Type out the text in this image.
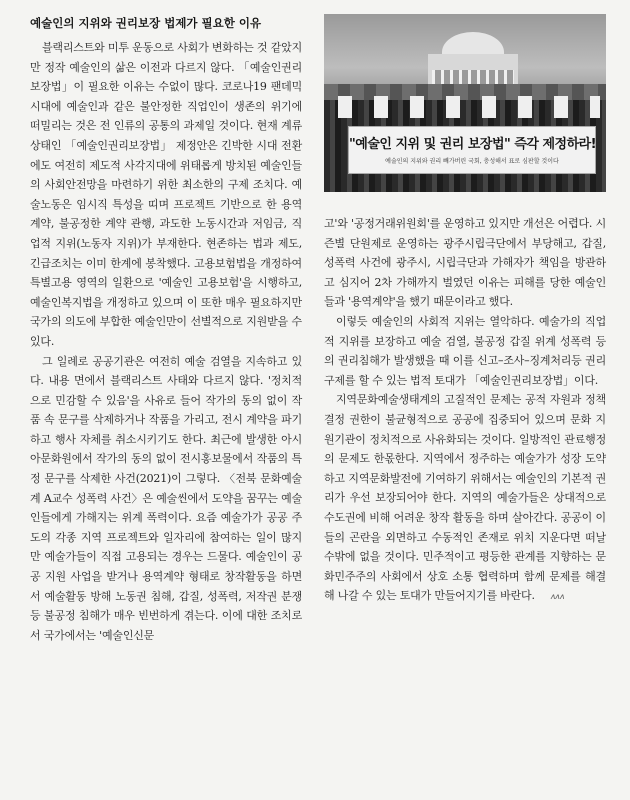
예술인의 지위와 권리보장 법제가 필요한 이유

블랙리스트와 미투 운동으로 사회가 변화하는 것 같았지만 정작 예술인의 삶은 이전과 다르지 않다. 「예술인권리보장법」이 필요한 이유는 수없이 많다. 코로나19 팬데믹 시대에 예술인과 같은 불안정한 직업인이 생존의 위기에 떠밀리는 것은 전 인류의 공통의 과제일 것이다. 현재 계류 상태인 「예술인권리보장법」 제정안은 긴박한 시대 전환에도 여전히 제도적 사각지대에 위태롭게 방치된 예술인들의 사회안전망을 마련하기 위한 최소한의 구제 조치다. 예술노동은 임시직 특성을 띠며 프로젝트 기반으로 한 용역계약, 불공정한 계약 관행, 과도한 노동시간과 저임금, 직업적 지위(노동자 지위)가 부재한다. 현존하는 법과 제도, 긴급조치는 이미 한계에 봉착했다. 고용보험법을 개정하여 특별고용 영역의 일환으로 '예술인 고용보험'을 시행하고, 예술인복지법을 개정하고 있으며 이 또한 매우 필요하지만 국가의 의도에 부합한 예술인만이 선별적으로 지원받을 수 있다.

그 일례로 공공기관은 여전히 예술 검열을 지속하고 있다. 내용 면에서 블랙리스트 사태와 다르지 않다. '정치적으로 민감할 수 있음'을 사유로 들어 작가의 동의 없이 작품 속 문구를 삭제하거나 작품을 가리고, 전시 계약을 파기하고 행사 자체를 취소시키기도 한다. 최근에 발생한 아시아문화원에서 작가의 동의 없이 전시홍보물에서 작품의 특정 문구를 삭제한 사건(2021)이 그렇다. 〈전북 문화예술계 A교수 성폭력 사건〉은 예술씬에서 도약을 꿈꾸는 예술인들에게 가해지는 위계 폭력이다. 요즘 예술가가 공공 주도의 각종 지역 프로젝트와 일자리에 참여하는 일이 많지만 예술가들이 직접 고용되는 경우는 드물다. 예술인이 공공 지원 사업을 받거나 용역계약 형태로 창작활동을 하면서 예술활동 방해 노동권 침해, 갑질, 성폭력, 저작권 분쟁 등 불공정 침해가 매우 빈번하게 겪는다. 이에 대한 조치로서 국가에서는 '예술인신문

"예술인 지위 및 권리 보장법" 즉각 제정하라!
예술인의 지위와 권리 빼가버린 국회, 충성해서 표로 심판할 것이다

고'와 '공정거래위원회'를 운영하고 있지만 개선은 어렵다. 시즌별 단원제로 운영하는 광주시립극단에서 부당해고, 갑질, 성폭력 사건에 광주시, 시립극단과 가해자가 책임을 방관하고 심지어 2차 가해까지 벌였던 이유는 피해를 당한 예술인들과 '용역계약'을 했기 때문이라고 했다.

이렇듯 예술인의 사회적 지위는 열악하다. 예술가의 직업적 지위를 보장하고 예술 검열, 불공정 갑질 위계 성폭력 등의 권리침해가 발생했을 때 이를 신고–조사–징계처리등 권리 구제를 할 수 있는 법적 토대가 「예술인권리보장법」이다.

지역문화예술생태계의 고질적인 문제는 공적 자원과 정책 결정 권한이 불균형적으로 공공에 집중되어 있으며 문화 지원기관이 정치적으로 사유화되는 것이다. 일방적인 관료행정의 문제도 한몫한다. 지역에서 정주하는 예술가가 성장 도약하고 지역문화발전에 기여하기 위해서는 예술인의 기본적 권리가 우선 보장되어야 한다. 지역의 예술가들은 상대적으로 수도권에 비해 어려운 창작 활동을 하며 살아간다. 공공이 이들의 곤란을 외면하고 수동적인 존재로 위치 지운다면 떠날 수밖에 없을 것이다. 민주적이고 평등한 관계를 지향하는 문화민주주의 사회에서 상호 소통 협력하며 함께 문제를 해결해 나갈 수 있는 토대가 만들어지기를 바란다. ʌʌʌ
